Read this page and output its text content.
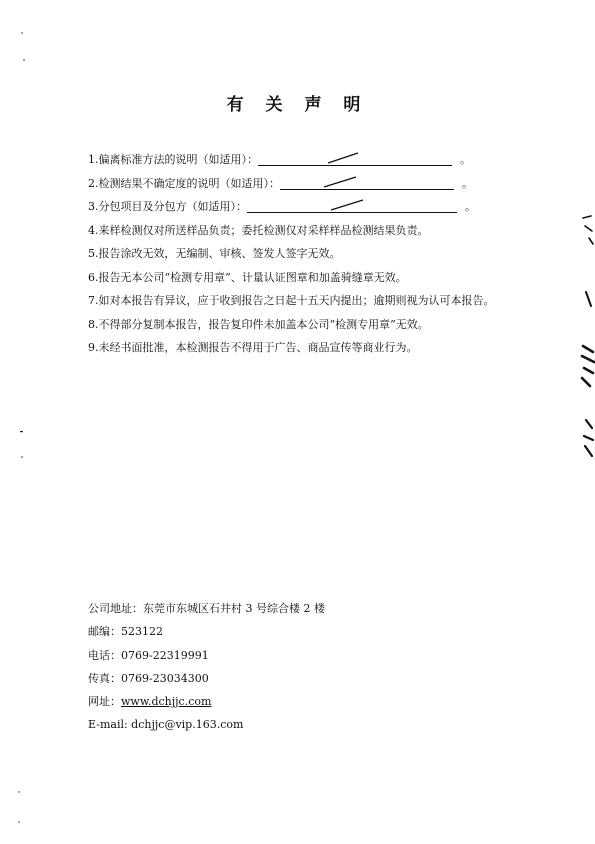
有 关 声 明
1.偏离标准方法的说明（如适用）：	。
2.检测结果不确定度的说明（如适用）：	。
3.分包项目及分包方（如适用）：	。
4.来样检测仅对所送样品负责；委托检测仅对采样样品检测结果负责。
5.报告涂改无效，无编制、审核、签发人签字无效。
6.报告无本公司“检测专用章”、计量认证图章和加盖骑缝章无效。
7.如对本报告有异议，应于收到报告之日起十五天内提出；逾期则视为认可本报告。
8.不得部分复制本报告，报告复印件未加盖本公司“检测专用章”无效。
9.未经书面批准，本检测报告不得用于广告、商品宣传等商业行为。
公司地址：东莞市东城区石井村 3 号综合楼 2 楼
邮编：523122
电话：0769-22319991
传真：0769-23034300
网址：www.dchjjc.com
E-mail: dchjjc@vip.163.com
